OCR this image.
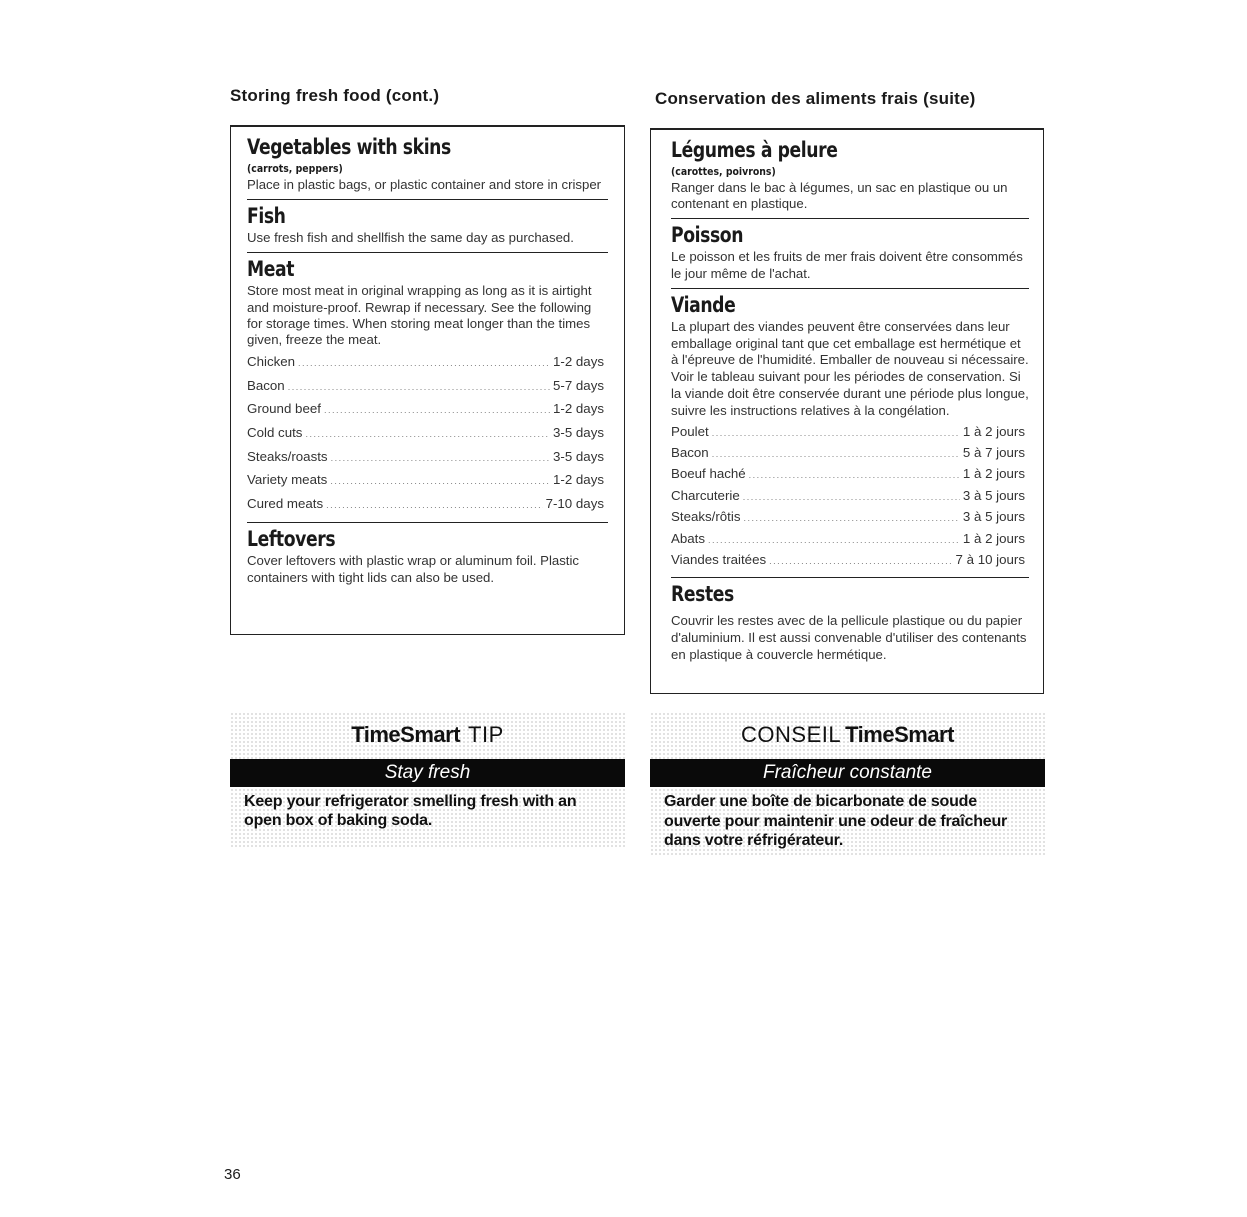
Storing fresh food (cont.)
Vegetables with skins
(carrots, peppers)
Place in plastic bags, or plastic container and store in crisper
Fish
Use fresh fish and shellfish the same day as purchased.
Meat
Store most meat in original wrapping as long as it is airtight and moisture-proof. Rewrap if necessary. See the following for storage times. When storing meat longer than the times given, freeze the meat.
Chicken .....	1-2 days
Bacon .....	5-7 days
Ground beef .....	1-2 days
Cold cuts .....	3-5 days
Steaks/roasts .....	3-5 days
Variety meats .....	1-2 days
Cured meats .....	7-10 days
Leftovers
Cover leftovers with plastic wrap or aluminum foil. Plastic containers with tight lids can also be used.
TimeSmart TIP
Stay fresh
Keep your refrigerator smelling fresh with an open box of baking soda.
Conservation des aliments frais (suite)
Légumes à pelure
(carottes, poivrons)
Ranger dans le bac à légumes, un sac en plastique ou un contenant en plastique.
Poisson
Le poisson et les fruits de mer frais doivent être consommés le jour même de l'achat.
Viande
La plupart des viandes peuvent être conservées dans leur emballage original tant que cet emballage est hermétique et à l'épreuve de l'humidité. Emballer de nouveau si nécessaire. Voir le tableau suivant pour les périodes de conservation. Si la viande doit être conservée durant une période plus longue, suivre les instructions relatives à la congélation.
Poulet .....	1 à 2 jours
Bacon .....	5 à 7 jours
Boeuf haché .....	1 à 2 jours
Charcuterie .....	3 à 5 jours
Steaks/rôtis .....	3 à 5 jours
Abats .....	1 à 2 jours
Viandes traitées .....	7 à 10 jours
Restes
Couvrir les restes avec de la pellicule plastique ou du papier d'aluminium. Il est aussi convenable d'utiliser des contenants en plastique à couvercle hermétique.
CONSEIL TimeSmart
Fraîcheur constante
Garder une boîte de bicarbonate de soude ouverte pour maintenir une odeur de fraîcheur dans votre réfrigérateur.
36
